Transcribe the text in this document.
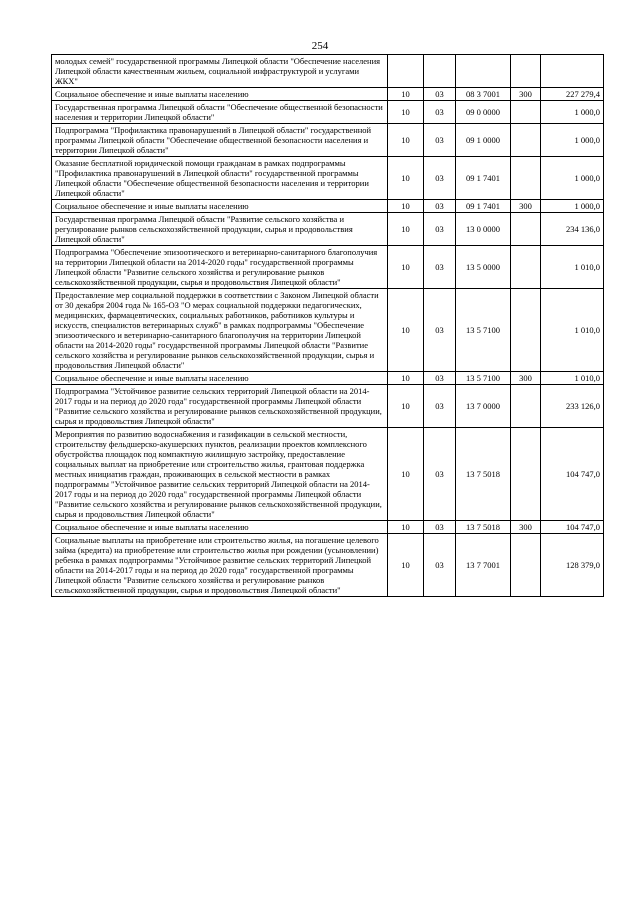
254
молодых семей" государственной программы Липецкой области "Обеспечение населения Липецкой области качественным жильем, социальной инфраструктурой и услугами ЖКХ"					
Социальное обеспечение и иные выплаты населению	10	03	08 3 7001	300	227 279,4
Государственная программа Липецкой области "Обеспечение общественной безопасности населения и территории Липецкой области"	10	03	09 0 0000		1 000,0
Подпрограмма "Профилактика правонарушений в Липецкой области" государственной программы Липецкой области "Обеспечение общественной безопасности населения и территории Липецкой области"	10	03	09 1 0000		1 000,0
Оказание бесплатной юридической помощи гражданам в рамках подпрограммы "Профилактика правонарушений в Липецкой области" государственной программы Липецкой области "Обеспечение общественной безопасности населения и территории Липецкой области"	10	03	09 1 7401		1 000,0
Социальное обеспечение и иные выплаты населению	10	03	09 1 7401	300	1 000,0
Государственная программа Липецкой области "Развитие сельского хозяйства и регулирование рынков сельскохозяйственной продукции, сырья и продовольствия Липецкой области"	10	03	13 0 0000		234 136,0
Подпрограмма "Обеспечение эпизоотического и ветеринарно-санитарного благополучия на территории Липецкой области на 2014-2020 годы" государственной программы Липецкой области "Развитие сельского хозяйства и регулирование рынков сельскохозяйственной продукции, сырья и продовольствия Липецкой области"	10	03	13 5 0000		1 010,0
Предоставление мер социальной поддержки в соответствии с Законом Липецкой области от 30 декабря 2004 года № 165-ОЗ "О мерах социальной поддержки педагогических, медицинских, фармацевтических, социальных работников, работников культуры и искусств, специалистов ветеринарных служб" в рамках подпрограммы "Обеспечение эпизоотического и ветеринарно-санитарного благополучия на территории Липецкой области на 2014-2020 годы" государственной программы Липецкой области "Развитие сельского хозяйства и регулирование рынков сельскохозяйственной продукции, сырья и продовольствия Липецкой области"	10	03	13 5 7100		1 010,0
Социальное обеспечение и иные выплаты населению	10	03	13 5 7100	300	1 010,0
Подпрограмма "Устойчивое развитие сельских территорий Липецкой области на 2014-2017 годы и на период до 2020 года" государственной программы Липецкой области "Развитие сельского хозяйства и регулирование рынков сельскохозяйственной продукции, сырья и продовольствия Липецкой области"	10	03	13 7 0000		233 126,0
Мероприятия по развитию водоснабжения и газификации в сельской местности, строительству фельдшерско-акушерских пунктов, реализации проектов комплексного обустройства площадок под компактную жилищную застройку, предоставление социальных выплат на приобретение или строительство жилья, грантовая поддержка местных инициатив граждан, проживающих в сельской местности в рамках подпрограммы "Устойчивое развитие сельских территорий Липецкой области на 2014-2017 годы и на период до 2020 года" государственной программы Липецкой области "Развитие сельского хозяйства и регулирование рынков сельскохозяйственной продукции, сырья и продовольствия Липецкой области"	10	03	13 7 5018		104 747,0
Социальное обеспечение и иные выплаты населению	10	03	13 7 5018	300	104 747,0
Социальные выплаты на приобретение или строительство жилья, на погашение целевого займа (кредита) на приобретение или строительство жилья при рождении (усыновлении) ребенка в рамках подпрограммы "Устойчивое развитие сельских территорий Липецкой области на 2014-2017 годы и на период до 2020 года" государственной программы Липецкой области "Развитие сельского хозяйства и регулирование рынков сельскохозяйственной продукции, сырья и продовольствия Липецкой области"	10	03	13 7 7001		128 379,0
